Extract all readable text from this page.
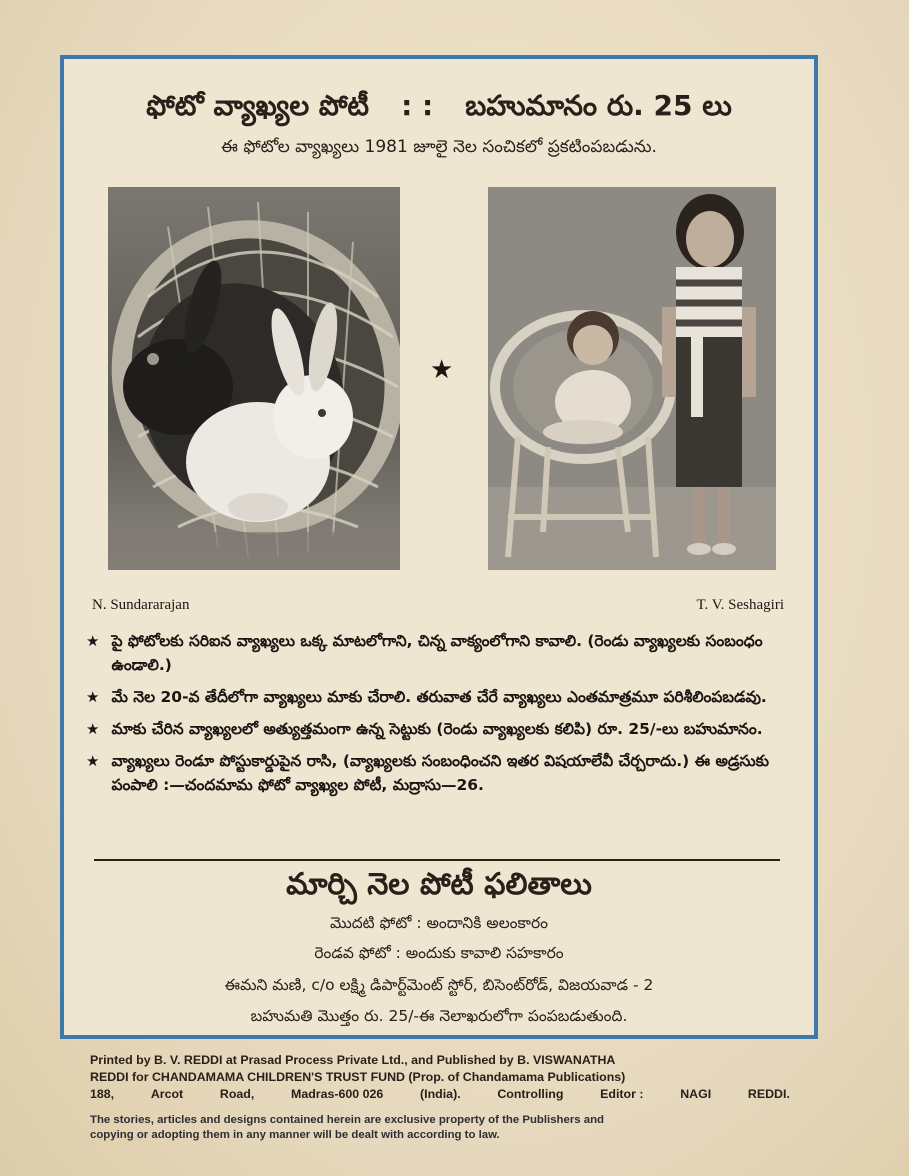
ఫోటో వ్యాఖ్యల పోటీ : : బహుమానం రు. 25 లు
ఈ ఫోటోల వ్యాఖ్యలు 1981 జూలై నెల సంచికలో ప్రకటింపబడును.
★
N. Sundararajan	T. V. Seshagiri
★ పై ఫోటోలకు సరిఐన వ్యాఖ్యలు ఒక్క మాటలోగాని, చిన్న వాక్యంలోగాని కావాలి. (రెండు వ్యాఖ్యలకు సంబంధం ఉండాలి.)
★ మే నెల 20-వ తేదీలోగా వ్యాఖ్యలు మాకు చేరాలి. తరువాత చేరే వ్యాఖ్యలు ఎంతమాత్రమూ పరిశీలింపబడవు.
★ మాకు చేరిన వ్యాఖ్యలలో అత్యుత్తమంగా ఉన్న సెట్టుకు (రెండు వ్యాఖ్యలకు కలిపి) రూ. 25/-లు బహుమానం.
★ వ్యాఖ్యలు రెండూ పోస్టుకార్డుపైన రాసి, (వ్యాఖ్యలకు సంబంధించని ఇతర విషయాలేవీ చేర్చరాదు.) ఈ అడ్రసుకు పంపాలి :—చందమామ ఫోటో వ్యాఖ్యల పోటీ, మద్రాసు—26.
మార్చి నెల పోటీ ఫలితాలు
మొదటి ఫోటో : అందానికి అలంకారం
రెండవ ఫోటో : అందుకు కావాలి సహకారం
ఈమని మణి, c/o లక్ష్మి డిపార్ట్‌మెంట్ స్టోర్, బిసెంట్‌రోడ్, విజయవాడ - 2
బహుమతి మొత్తం రు. 25/-ఈ నెలాఖరులోగా పంపబడుతుంది.
Printed by B. V. REDDI at Prasad Process Private Ltd., and Published by B. VISWANATHA
REDDI for CHANDAMAMA CHILDREN'S TRUST FUND (Prop. of Chandamama Publications)
188,	Arcot	Road,	Madras-600 026	(India).	Controlling	Editor :	NAGI	REDDI.
The stories, articles and designs contained herein are exclusive property of the Publishers and
copying or adopting them in any manner will be dealt with according to law.
